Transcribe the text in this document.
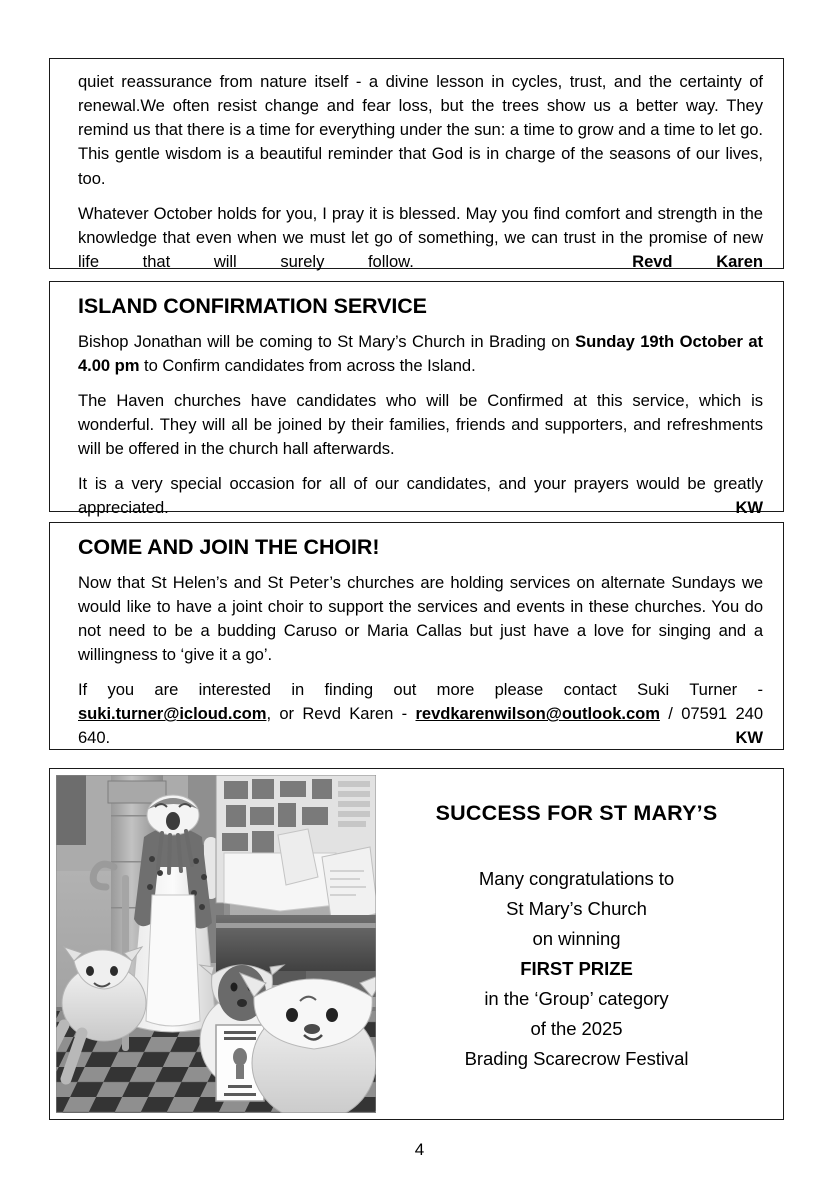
quiet reassurance from nature itself - a divine lesson in cycles, trust, and the certainty of renewal.We often resist change and fear loss, but the trees show us a better way. They remind us that there is a time for everything under the sun: a time to grow and a time to let go. This gentle wisdom is a beautiful reminder that God is in charge of the seasons of our lives, too.

Whatever October holds for you, I pray it is blessed. May you find comfort and strength in the knowledge that even when we must let go of something, we can trust in the promise of new life that will surely follow.	Revd Karen

ISLAND CONFIRMATION SERVICE

Bishop Jonathan will be coming to St Mary’s Church in Brading on Sunday 19th October at 4.00 pm to Confirm candidates from across the Island.

The Haven churches have candidates who will be Confirmed at this service, which is wonderful. They will all be joined by their families, friends and supporters, and refreshments will be offered in the church hall afterwards.

It is a very special occasion for all of our candidates, and your prayers would be greatly appreciated.	KW

COME AND JOIN THE CHOIR!

Now that St Helen’s and St Peter’s churches are holding services on alternate Sundays we would like to have a joint choir to support the services and events in these churches. You do not need to be a budding Caruso or Maria Callas but just have a love for singing and a willingness to ‘give it a go’.

If you are interested in finding out more please contact Suki Turner - suki.turner@icloud.com, or Revd Karen - revdkarenwilson@outlook.com / 07591 240 640.	KW

SUCCESS FOR ST MARY’S
Many congratulations to
St Mary’s Church
on winning
FIRST PRIZE
in the ‘Group’ category
of the 2025
Brading Scarecrow Festival
4
